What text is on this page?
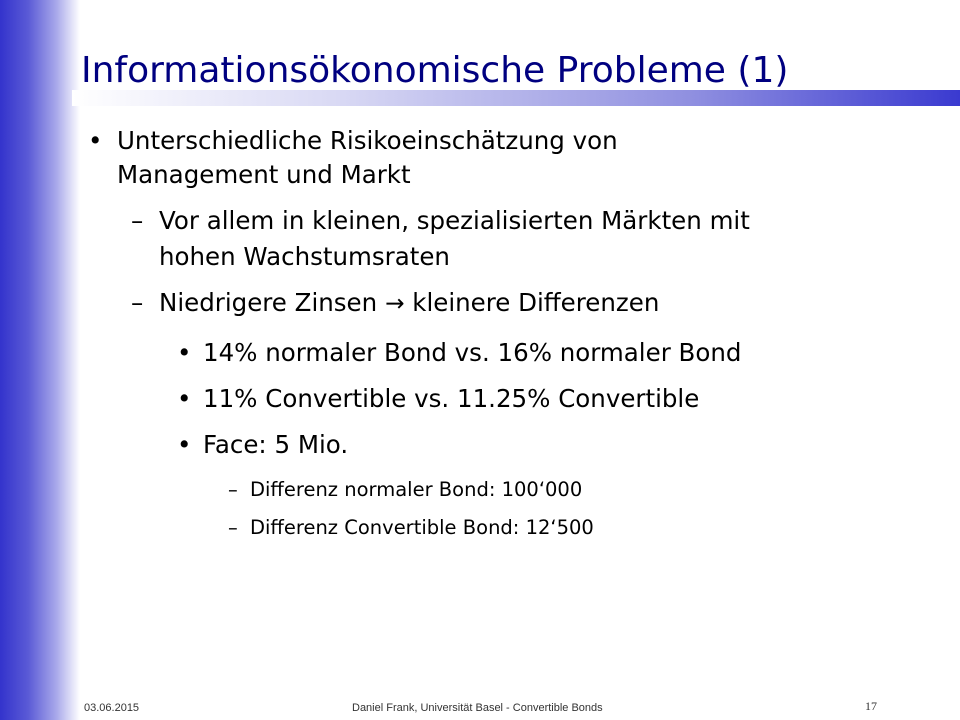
Informationsökonomische Probleme (1)
• Unterschiedliche Risikoeinschätzung von
Management und Markt
– Vor allem in kleinen, spezialisierten Märkten mit
hohen Wachstumsraten
– Niedrigere Zinsen → kleinere Differenzen
• 14% normaler Bond vs. 16% normaler Bond
• 11% Convertible vs. 11.25% Convertible
• Face: 5 Mio.
– Differenz normaler Bond: 100‘000
– Differenz Convertible Bond: 12‘500
03.06.2015	Daniel Frank, Universität Basel - Convertible Bonds	17
